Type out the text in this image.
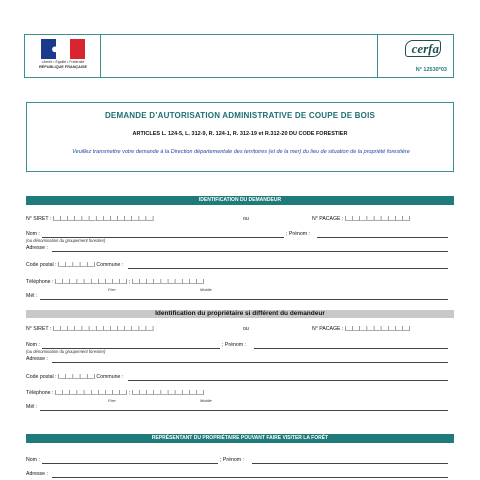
●
Liberté • Égalité • Fraternité
RÉPUBLIQUE FRANÇAISE
cerfa
N° 12530*03
DEMANDE D’AUTORISATION ADMINISTRATIVE DE COUPE DE BOIS
ARTICLES L. 124-5, L. 312-9, R. 124-1, R. 312-19 et R.312-20 DU CODE FORESTIER
Veuillez transmettre votre demande à la Direction départementale des territoires (et de la mer) du lieu de situation de la propriété forestière
IDENTIFICATION DU DEMANDEUR
N° SIRET : |__|__|__|__|__|__|__|__|__|__|__|__|__|__|	ou	N° PACAGE : |__|__|__|__|__|__|__|__|__|
Nom :	; Prénom :
(ou dénomination du groupement forestier)
Adresse :
Code postal : |__|__|__|__|__| Commune :
Téléphone : |__|__|__|__|__|__|__|__|__|__| ; |__|__|__|__|__|__|__|__|__|__|
Fixe	Mobile
Mél :
Identification du propriétaire si différent du demandeur
N° SIRET : |__|__|__|__|__|__|__|__|__|__|__|__|__|__|	ou	N° PACAGE : |__|__|__|__|__|__|__|__|__|
Nom :	; Prénom :
(ou dénomination du groupement forestier)
Adresse :
Code postal : |__|__|__|__|__| Commune :
Téléphone : |__|__|__|__|__|__|__|__|__|__| ; |__|__|__|__|__|__|__|__|__|__|
Fixe	Mobile
Mél :
REPRÉSENTANT DU PROPRIÉTAIRE POUVANT FAIRE VISITER LA FORÊT
Nom :	; Prénom :
Adresse :
